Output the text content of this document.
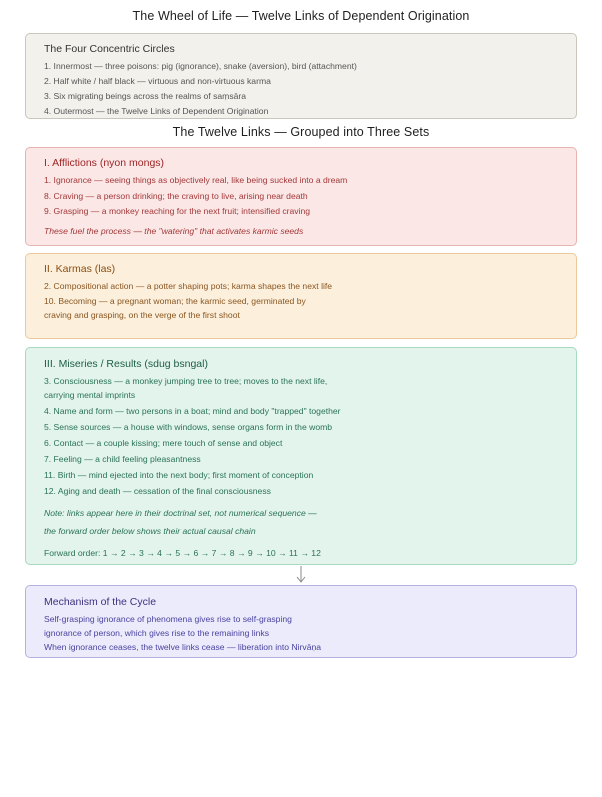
The Wheel of Life — Twelve Links of Dependent Origination
The Four Concentric Circles
1. Innermost — three poisons: pig (ignorance), snake (aversion), bird (attachment)
2. Half white / half black — virtuous and non-virtuous karma
3. Six migrating beings across the realms of saṃsāra
4. Outermost — the Twelve Links of Dependent Origination
The Twelve Links — Grouped into Three Sets
I. Afflictions (nyon mongs)
1. Ignorance — seeing things as objectively real, like being sucked into a dream
8. Craving — a person drinking; the craving to live, arising near death
9. Grasping — a monkey reaching for the next fruit; intensified craving
These fuel the process — the "watering" that activates karmic seeds
II. Karmas (las)
2. Compositional action — a potter shaping pots; karma shapes the next life
10. Becoming — a pregnant woman; the karmic seed, germinated by
craving and grasping, on the verge of the first shoot
III. Miseries / Results (sdug bsngal)
3. Consciousness — a monkey jumping tree to tree; moves to the next life,
carrying mental imprints
4. Name and form — two persons in a boat; mind and body "trapped" together
5. Sense sources — a house with windows, sense organs form in the womb
6. Contact — a couple kissing; mere touch of sense and object
7. Feeling — a child feeling pleasantness
11. Birth — mind ejected into the next body; first moment of conception
12. Aging and death — cessation of the final consciousness
Note: links appear here in their doctrinal set, not numerical sequence —
the forward order below shows their actual causal chain
Forward order: 1 → 2 → 3 → 4 → 5 → 6 → 7 → 8 → 9 → 10 → 11 → 12
Mechanism of the Cycle
Self-grasping ignorance of phenomena gives rise to self-grasping
ignorance of person, which gives rise to the remaining links
When ignorance ceases, the twelve links cease — liberation into Nirvāṇa
